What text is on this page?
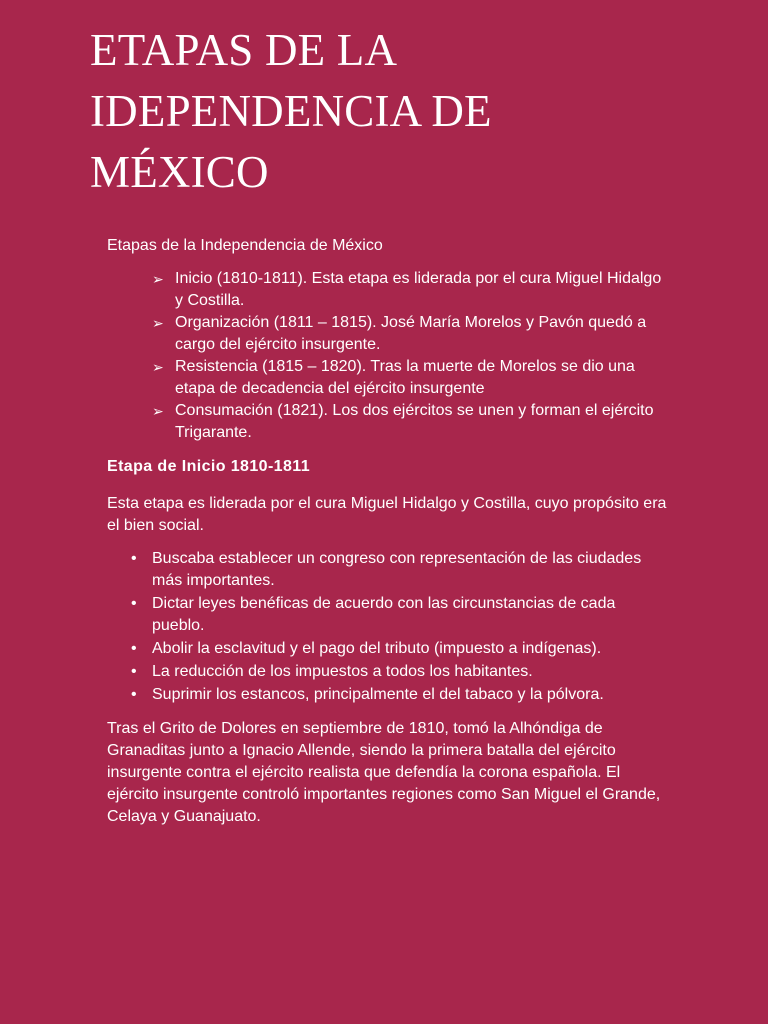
ETAPAS DE LA
IDEPENDENCIA DE
MÉXICO

Etapas de la Independencia de México

➢ Inicio (1810-1811). Esta etapa es liderada por el cura Miguel Hidalgo y Costilla.
➢ Organización (1811 – 1815). José María Morelos y Pavón quedó a cargo del ejército insurgente.
➢ Resistencia (1815 – 1820). Tras la muerte de Morelos se dio una etapa de decadencia del ejército insurgente
➢ Consumación (1821). Los dos ejércitos se unen y forman el ejército Trigarante.
Etapa de Inicio 1810-1811

Esta etapa es liderada por el cura Miguel Hidalgo y Costilla, cuyo propósito era el bien social.

• Buscaba establecer un congreso con representación de las ciudades más importantes.
• Dictar leyes benéficas de acuerdo con las circunstancias de cada pueblo.
• Abolir la esclavitud y el pago del tributo (impuesto a indígenas).
• La reducción de los impuestos a todos los habitantes.
• Suprimir los estancos, principalmente el del tabaco y la pólvora.

Tras el Grito de Dolores en septiembre de 1810, tomó la Alhóndiga de Granaditas junto a Ignacio Allende, siendo la primera batalla del ejército insurgente contra el ejército realista que defendía la corona española. El ejército insurgente controló importantes regiones como San Miguel el Grande, Celaya y Guanajuato.
